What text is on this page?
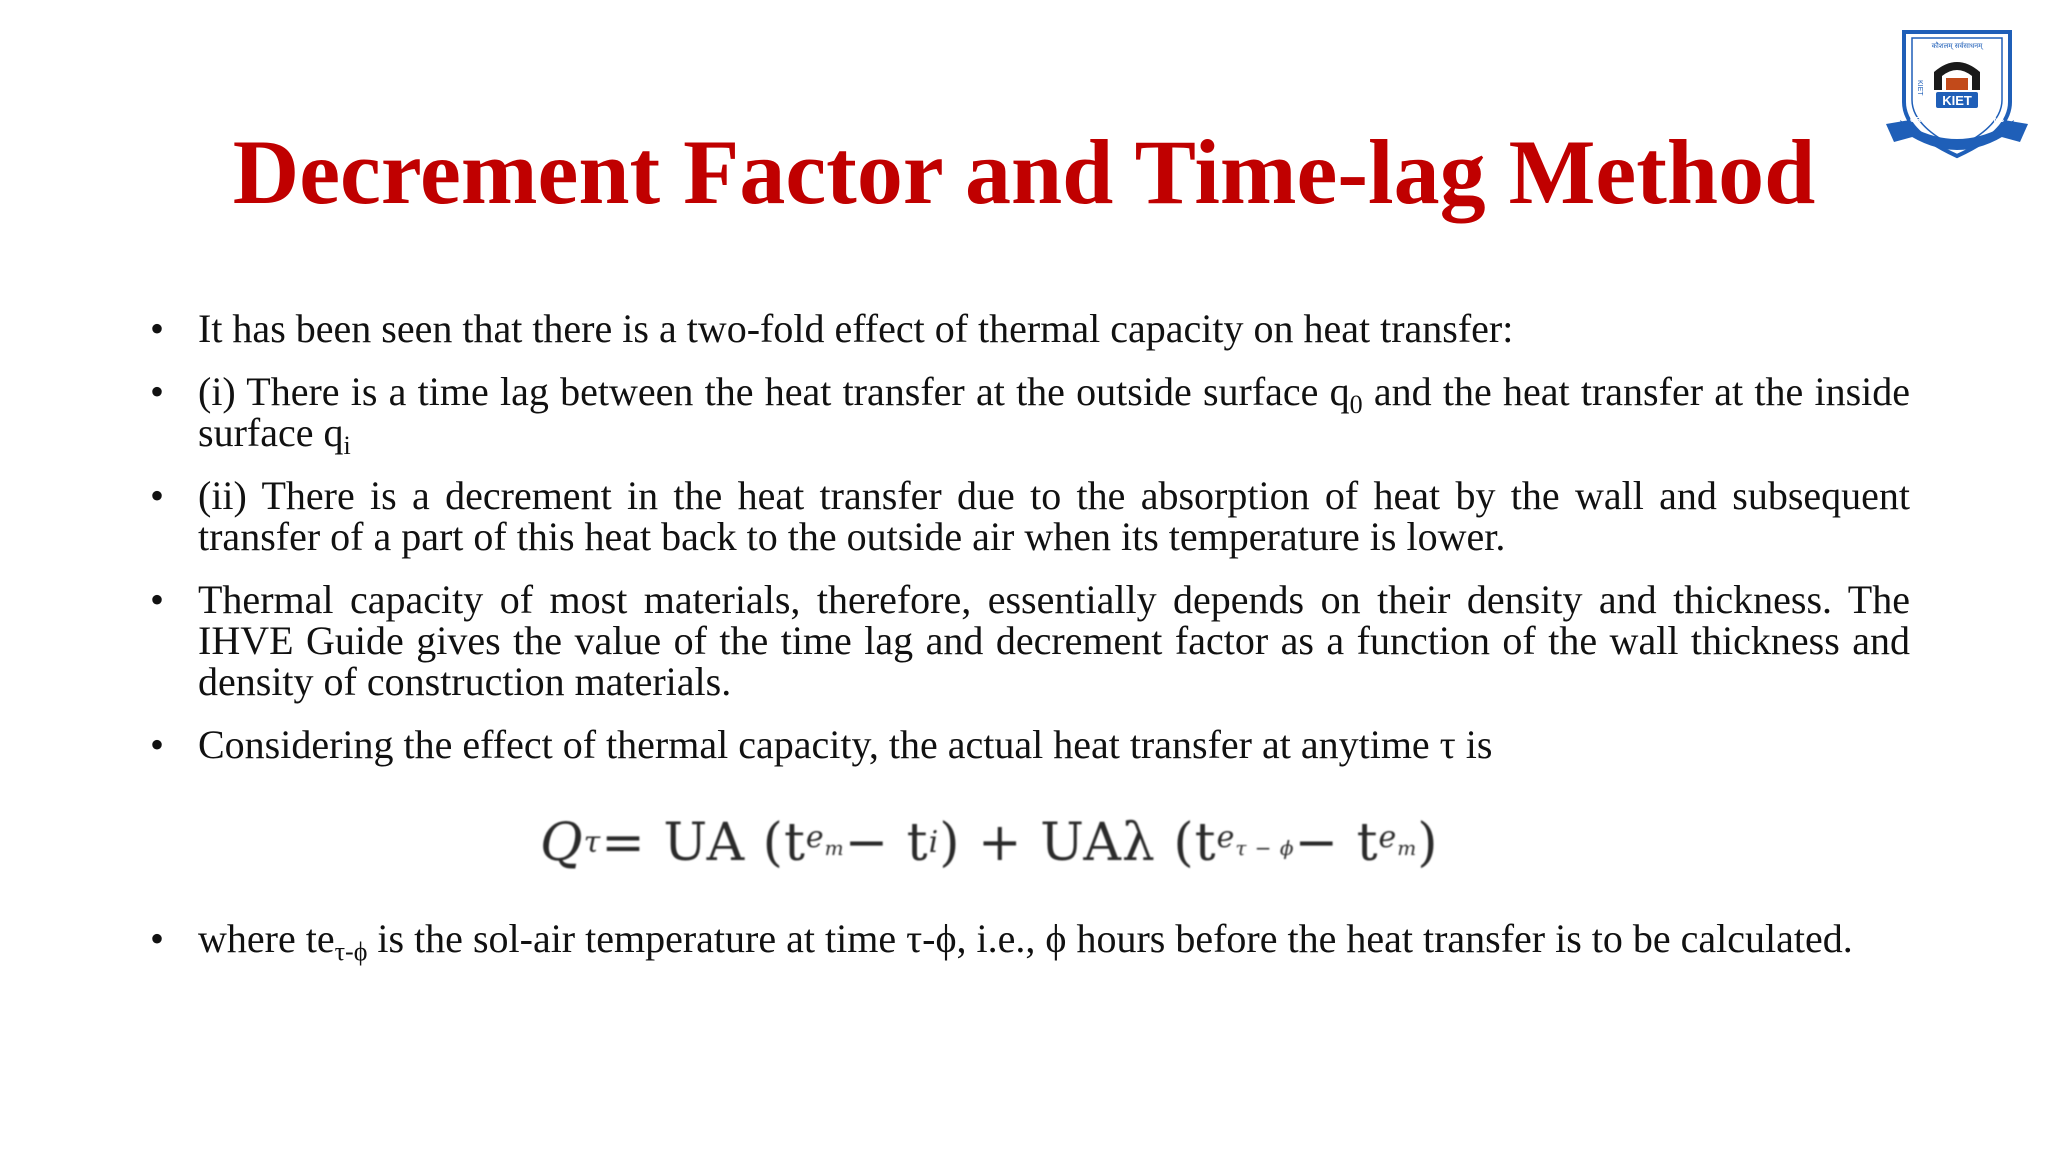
Decrement Factor and Time-lag Method
KIET
कौशलम् सर्वसाधनम्
KIET
GROUP OF INSTITUTIONS
• It has been seen that there is a two-fold effect of thermal capacity on heat transfer:
• (i) There is a time lag between the heat transfer at the outside surface $q_0$ and the heat transfer at the inside surface $q_i$
• (ii) There is a decrement in the heat transfer due to the absorption of heat by the wall and subsequent transfer of a part of this heat back to the outside air when its temperature is lower.
• Thermal capacity of most materials, therefore, essentially depends on their density and thickness. The IHVE Guide gives the value of the time lag and decrement factor as a function of the wall thickness and density of construction materials.
• Considering the effect of thermal capacity, the actual heat transfer at anytime τ is
Q τ = UA (t $e_m - t$ i ) + UAλ (t $e_{\tau - \phi} - t$ $e_m$ )
• where $te_{\tau-\phi}$ is the sol-air temperature at time τ-ϕ, i.e., ϕ hours before the heat transfer is to be calculated.
